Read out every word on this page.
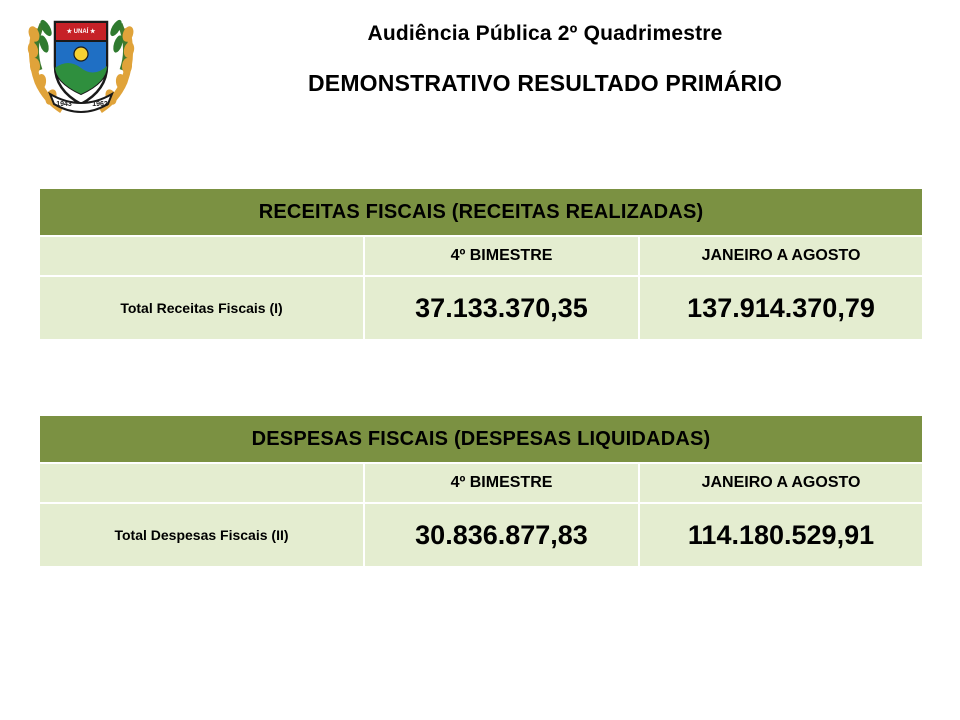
★ UNAÍ ★
1943	1962
Audiência Pública 2º Quadrimestre
DEMONSTRATIVO RESULTADO PRIMÁRIO
RECEITAS FISCAIS (RECEITAS REALIZADAS)		
	4º BIMESTRE	JANEIRO A AGOSTO
Total Receitas Fiscais (I)	37.133.370,35	137.914.370,79
DESPESAS FISCAIS (DESPESAS LIQUIDADAS)		
	4º BIMESTRE	JANEIRO A AGOSTO
Total Despesas Fiscais (II)	30.836.877,83	114.180.529,91
